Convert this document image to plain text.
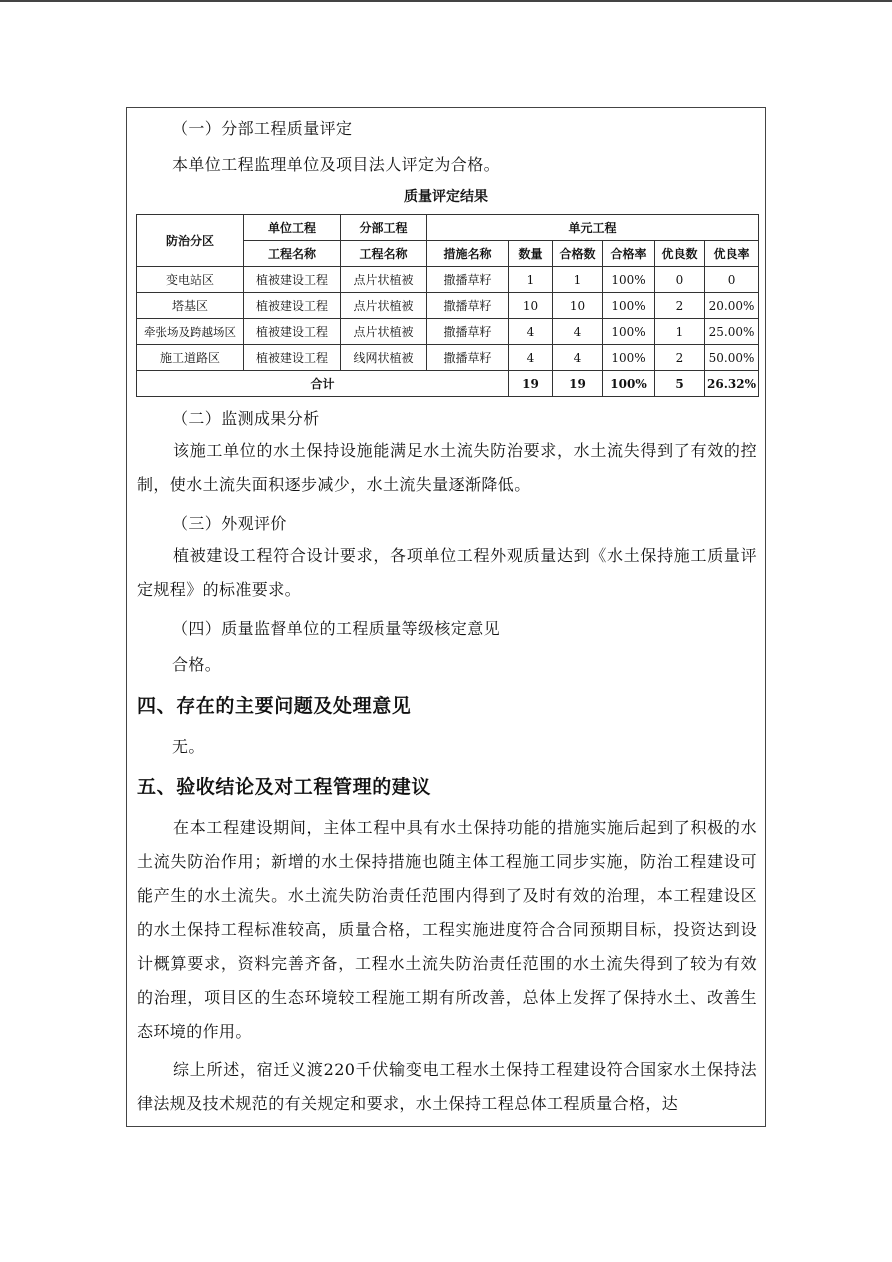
（一）分部工程质量评定
本单位工程监理单位及项目法人评定为合格。
质量评定结果
防治分区	单位工程	分部工程	单元工程					
	工程名称	工程名称	措施名称	数量	合格数	合格率	优良数	优良率
变电站区	植被建设工程	点片状植被	撒播草籽	1	1	100%	0	0
塔基区	植被建设工程	点片状植被	撒播草籽	10	10	100%	2	20.00%
牵张场及跨越场区	植被建设工程	点片状植被	撒播草籽	4	4	100%	1	25.00%
施工道路区	植被建设工程	线网状植被	撒播草籽	4	4	100%	2	50.00%
合计				19	19	100%	5	26.32%
（二）监测成果分析

该施工单位的水土保持设施能满足水土流失防治要求，水土流失得到了有效的控制，使水土流失面积逐步减少，水土流失量逐渐降低。

（三）外观评价

植被建设工程符合设计要求，各项单位工程外观质量达到《水土保持施工质量评定规程》的标准要求。

（四）质量监督单位的工程质量等级核定意见
合格。
四、存在的主要问题及处理意见
无。
五、验收结论及对工程管理的建议

在本工程建设期间，主体工程中具有水土保持功能的措施实施后起到了积极的水土流失防治作用；新增的水土保持措施也随主体工程施工同步实施，防治工程建设可能产生的水土流失。水土流失防治责任范围内得到了及时有效的治理，本工程建设区的水土保持工程标准较高，质量合格，工程实施进度符合合同预期目标，投资达到设计概算要求，资料完善齐备，工程水土流失防治责任范围的水土流失得到了较为有效的治理，项目区的生态环境较工程施工期有所改善，总体上发挥了保持水土、改善生态环境的作用。

综上所述，宿迁义渡220千伏输变电工程水土保持工程建设符合国家水土保持法律法规及技术规范的有关规定和要求，水土保持工程总体工程质量合格，达
